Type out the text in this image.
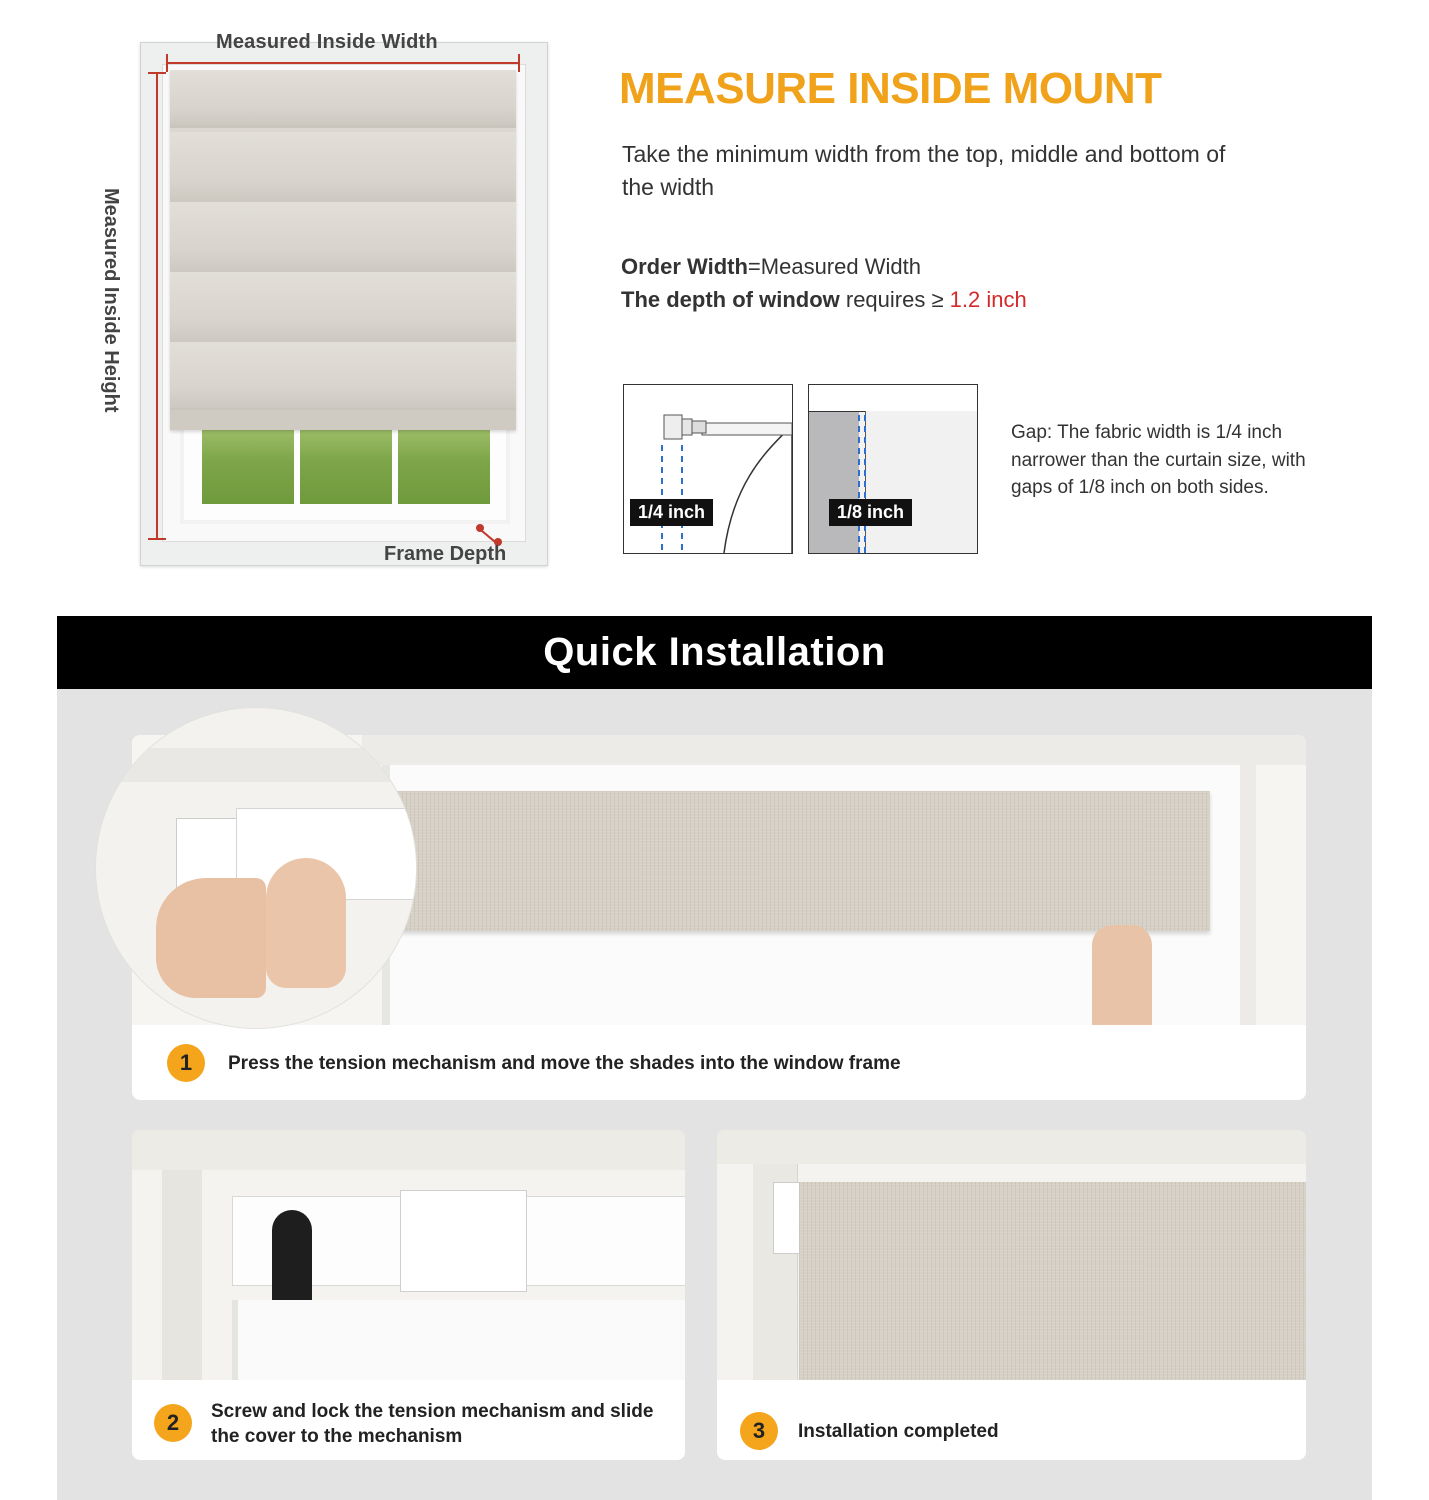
Measured Inside Width
Measured Inside Height
Frame Depth
MEASURE INSIDE MOUNT
Take the minimum width from the top, middle and bottom of the width
Order Width=Measured Width
The depth of window requires ≥ 1.2 inch
1/4 inch	1/8 inch
Gap: The fabric width is 1/4 inch narrower than the curtain size, with gaps of 1/8 inch on both sides.
Quick Installation
1	Press the tension mechanism and move the shades into the window frame
2	Screw and lock the tension mechanism and slide the cover to the mechanism	3	Installation completed
